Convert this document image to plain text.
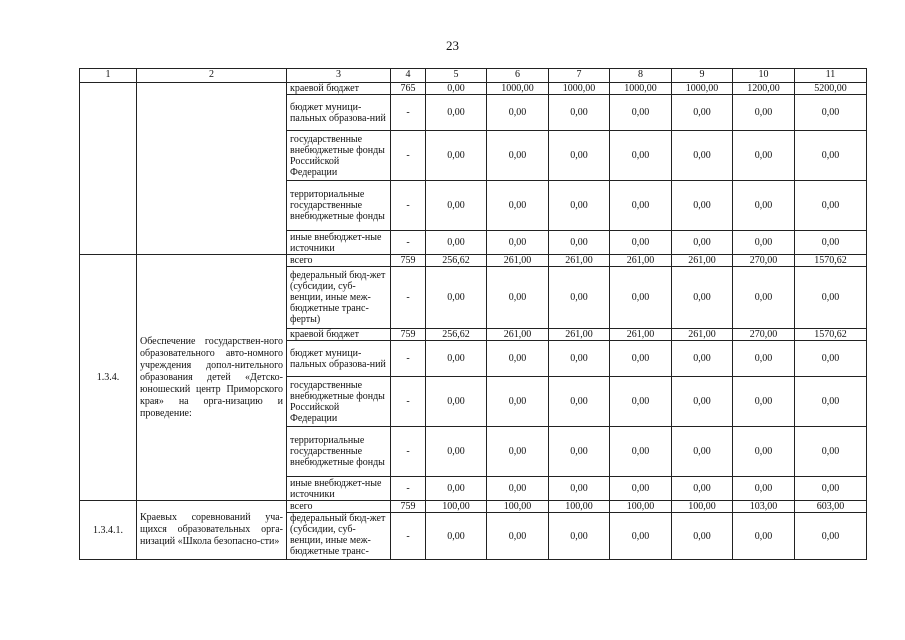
23
1	2	3	4	5	6	7	8	9	10	11
		краевой бюджет	765	0,00	1000,00	1000,00	1000,00	1000,00	1200,00	5200,00
		бюджет муници-пальных образова-ний	-	0,00	0,00	0,00	0,00	0,00	0,00	0,00
		государственные внебюджетные фонды Российской Федерации	-	0,00	0,00	0,00	0,00	0,00	0,00	0,00
		территориальные государственные внебюджетные фонды	-	0,00	0,00	0,00	0,00	0,00	0,00	0,00
		иные внебюджет-ные источники	-	0,00	0,00	0,00	0,00	0,00	0,00	0,00
1.3.4.	Обеспечение государствен-ного образовательного авто-номного учреждения допол-нительного образования детей «Детско-юношеский центр Приморского края» на орга-низацию и проведение:	всего	759	256,62	261,00	261,00	261,00	261,00	270,00	1570,62
		федеральный бюд-жет (субсидии, суб-венции, иные меж-бюджетные транс-ферты)	-	0,00	0,00	0,00	0,00	0,00	0,00	0,00
		краевой бюджет	759	256,62	261,00	261,00	261,00	261,00	270,00	1570,62
		бюджет муници-пальных образова-ний	-	0,00	0,00	0,00	0,00	0,00	0,00	0,00
		государственные внебюджетные фонды Российской Федерации	-	0,00	0,00	0,00	0,00	0,00	0,00	0,00
		территориальные государственные внебюджетные фонды	-	0,00	0,00	0,00	0,00	0,00	0,00	0,00
		иные внебюджет-ные источники	-	0,00	0,00	0,00	0,00	0,00	0,00	0,00
1.3.4.1.	Краевых соревнований уча-щихся образовательных орга-низаций «Школа безопасно-сти»	всего	759	100,00	100,00	100,00	100,00	100,00	103,00	603,00
		федеральный бюд-жет (субсидии, суб-венции, иные меж-бюджетные транс-	-	0,00	0,00	0,00	0,00	0,00	0,00	0,00
